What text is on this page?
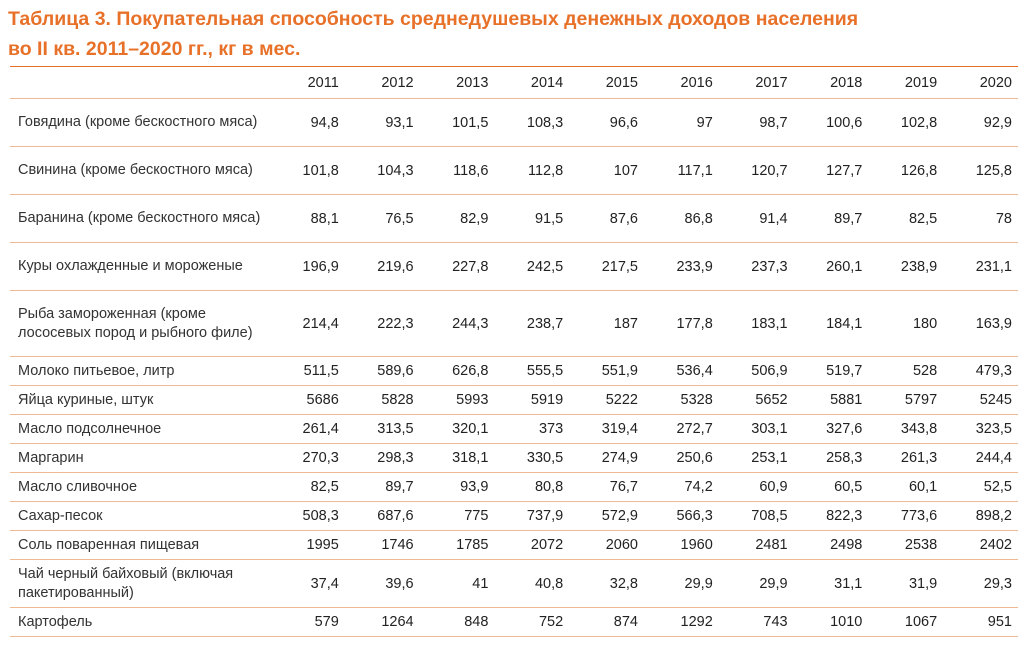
Таблица 3. Покупательная способность среднедушевых денежных доходов населения
во II кв. 2011–2020 гг., кг в мес.
	2011	2012	2013	2014	2015	2016	2017	2018	2019	2020
Говядина (кроме бескостного мяса)	94,8	93,1	101,5	108,3	96,6	97	98,7	100,6	102,8	92,9
Свинина (кроме бескостного мяса)	101,8	104,3	118,6	112,8	107	117,1	120,7	127,7	126,8	125,8
Баранина (кроме бескостного мяса)	88,1	76,5	82,9	91,5	87,6	86,8	91,4	89,7	82,5	78
Куры охлажденные и мороженые	196,9	219,6	227,8	242,5	217,5	233,9	237,3	260,1	238,9	231,1
Рыба замороженная (кроме лососевых пород и рыбного филе)	214,4	222,3	244,3	238,7	187	177,8	183,1	184,1	180	163,9
Молоко питьевое, литр	511,5	589,6	626,8	555,5	551,9	536,4	506,9	519,7	528	479,3
Яйца куриные, штук	5686	5828	5993	5919	5222	5328	5652	5881	5797	5245
Масло подсолнечное	261,4	313,5	320,1	373	319,4	272,7	303,1	327,6	343,8	323,5
Маргарин	270,3	298,3	318,1	330,5	274,9	250,6	253,1	258,3	261,3	244,4
Масло сливочное	82,5	89,7	93,9	80,8	76,7	74,2	60,9	60,5	60,1	52,5
Сахар-песок	508,3	687,6	775	737,9	572,9	566,3	708,5	822,3	773,6	898,2
Соль поваренная пищевая	1995	1746	1785	2072	2060	1960	2481	2498	2538	2402
Чай черный байховый (включая пакетированный)	37,4	39,6	41	40,8	32,8	29,9	29,9	31,1	31,9	29,3
Картофель	579	1264	848	752	874	1292	743	1010	1067	951
